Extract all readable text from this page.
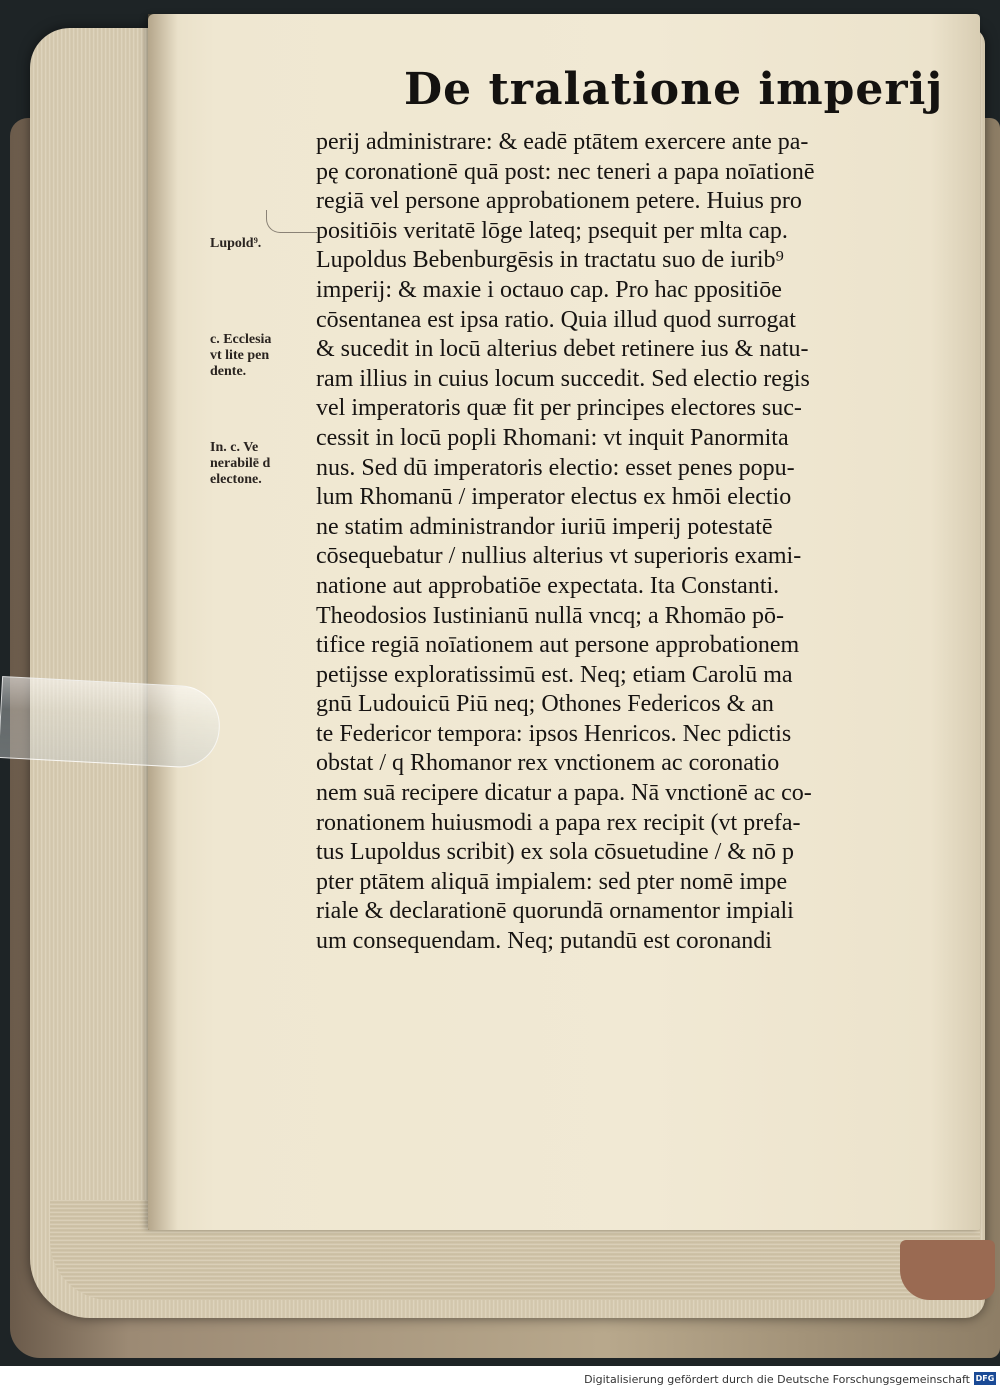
De tralatione imperij
Lupold⁹.
c. Ecclesia
vt lite pen
dente.
In. c. Ve
nerabilē d
electone.
perij administrare: & eadē ptātem exercere ante pa-
pę coronationē quā post: nec teneri a papa noīationē
regiā vel persone approbationem petere. Huius pro
positiōis veritatē lōge lateq; psequit per mlta cap.
Lupoldus Bebenburgēsis in tractatu suo de iurib⁹
imperij: & maxie i octauo cap. Pro hac ppositiōe
cōsentanea est ipsa ratio. Quia illud quod surrogat
& sucedit in locū alterius debet retinere ius & natu-
ram illius in cuius locum succedit. Sed electio regis
vel imperatoris quæ fit per principes electores suc-
cessit in locū popli Rhomani: vt inquit Panormita
nus. Sed dū imperatoris electio: esset penes popu-
lum Rhomanū / imperator electus ex hmōi electio
ne statim administrandor iuriū imperij potestatē
cōsequebatur / nullius alterius vt superioris exami-
natione aut approbatiōe expectata. Ita Constanti.
Theodosios Iustinianū nullā vncq; a Rhomāo pō-
tifice regiā noīationem aut persone approbationem
petijsse exploratissimū est. Neq; etiam Carolū ma
gnū Ludouicū Piū neq; Othones Federicos & an
te Federicor tempora: ipsos Henricos. Nec pdictis
obstat / q Rhomanor rex vnctionem ac coronatio
nem suā recipere dicatur a papa. Nā vnctionē ac co-
ronationem huiusmodi a papa rex recipit (vt prefa-
tus Lupoldus scribit) ex sola cōsuetudine / & nō p
pter ptātem aliquā impialem: sed pter nomē impe
riale & declarationē quorundā ornamentor impiali
um consequendam. Neq; putandū est coronandi
Digitalisierung gefördert durch die Deutsche Forschungsgemeinschaft DFG
